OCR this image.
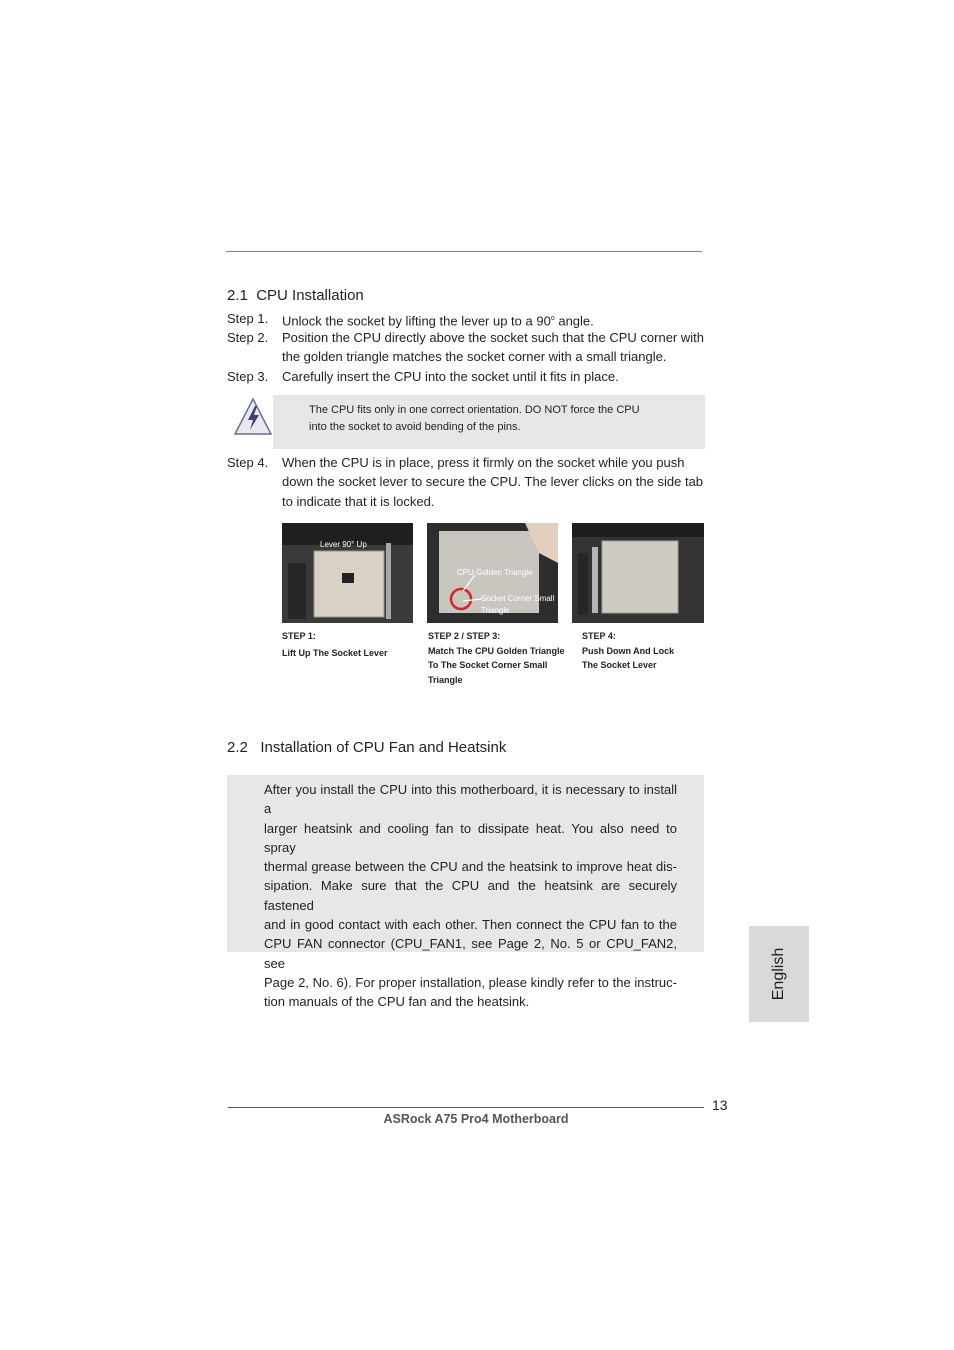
2.1 CPU Installation
Step 1. Unlock the socket by lifting the lever up to a 90$^o$ angle.
Step 2. Position the CPU directly above the socket such that the CPU corner with
the golden triangle matches the socket corner with a small triangle.
Step 3. Carefully insert the CPU into the socket until it fits in place.
The CPU fits only in one correct orientation. DO NOT force the CPU
into the socket to avoid bending of the pins.
Step 4. When the CPU is in place, press it firmly on the socket while you push
down the socket lever to secure the CPU. The lever clicks on the side tab
to indicate that it is locked.
Lever 90° Up
CPU Golden Triangle
Socket Corner Small
Triangle
STEP 1:
Lift Up The Socket Lever
STEP 2 / STEP 3:
Match The CPU Golden Triangle
To The Socket Corner Small
Triangle
STEP 4:
Push Down And Lock
The Socket Lever
2.2 Installation of CPU Fan and Heatsink
After you install the CPU into this motherboard, it is necessary to install a
larger heatsink and cooling fan to dissipate heat. You also need to spray
thermal grease between the CPU and the heatsink to improve heat dis-
sipation. Make sure that the CPU and the heatsink are securely fastened
and in good contact with each other. Then connect the CPU fan to the
CPU FAN connector (CPU_FAN1, see Page 2, No. 5 or CPU_FAN2, see
Page 2, No. 6). For proper installation, please kindly refer to the instruc-
tion manuals of the CPU fan and the heatsink.
English
13
ASRock A75 Pro4 Motherboard
